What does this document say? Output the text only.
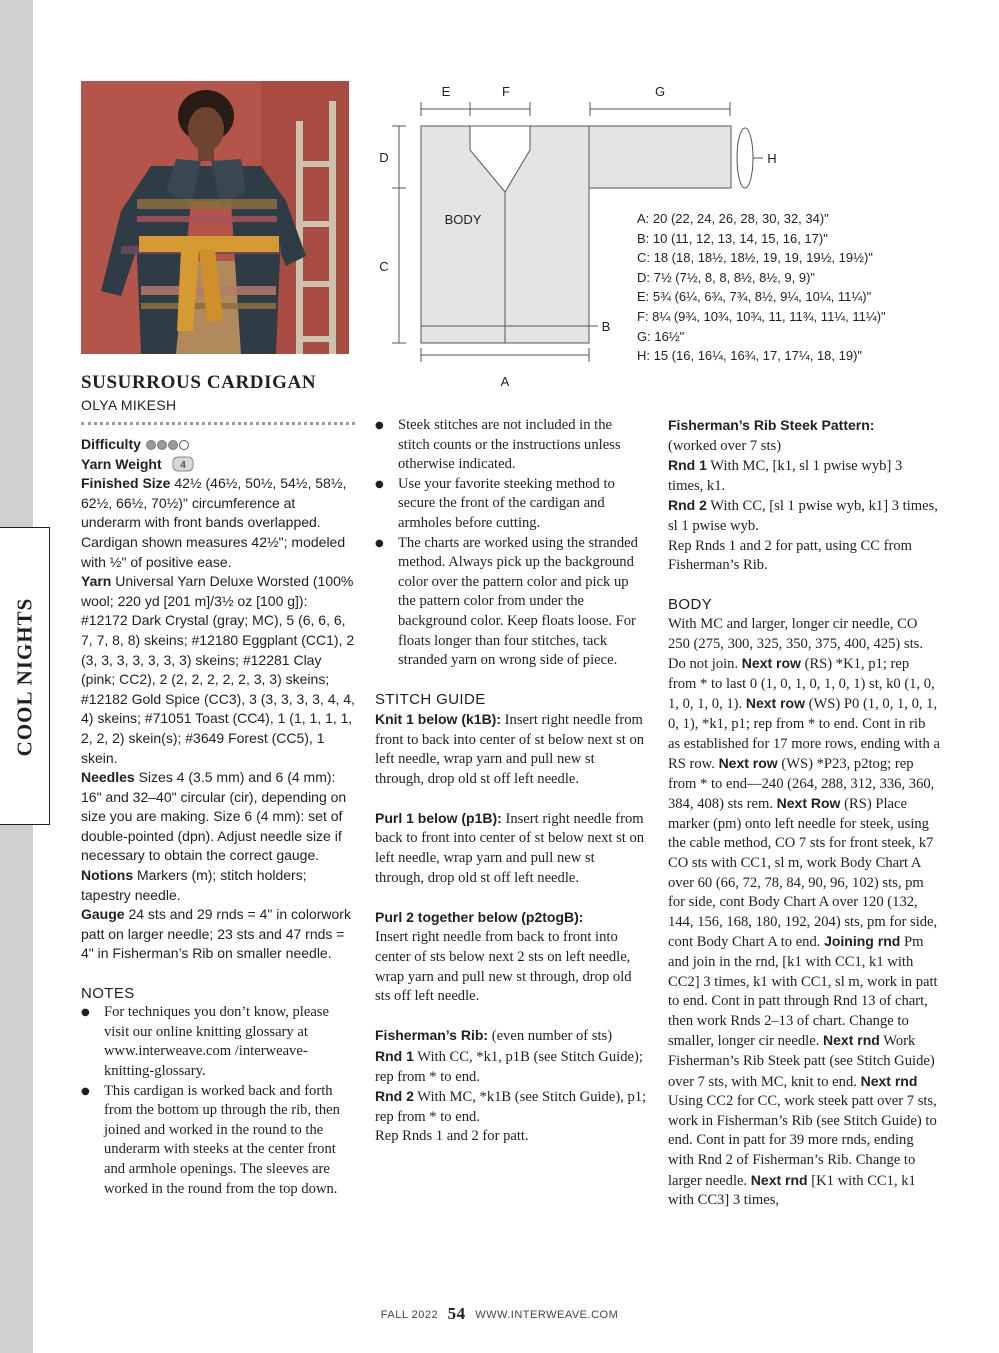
COOL NIGHTS
E	F	G
D
C
B
A
H
BODY	A: 20 (22, 24, 26, 28, 30, 32, 34)"
B: 10 (11, 12, 13, 14, 15, 16, 17)"
C: 18 (18, 18½, 18½, 19, 19, 19½, 19½)"
D: 7½ (7½, 8, 8, 8½, 8½, 9, 9)"
E: 5¾ (6¼, 6¾, 7¾, 8½, 9¼, 10¼, 11¼)"
F: 8¼ (9¾, 10¾, 10¾, 11, 11¾, 11¼, 11¼)"
G: 16½"
H: 15 (16, 16¼, 16¾, 17, 17¼, 18, 19)"
SUSURROUS CARDIGAN
OLYA MIKESH

Difficulty

Yarn Weight 4

Finished Size 42½ (46½, 50½, 54½, 58½, 62½, 66½, 70½)" circumference at underarm with front bands overlapped. Cardigan shown measures 42½"; modeled with ½" of positive ease.

Yarn Universal Yarn Deluxe Worsted (100% wool; 220 yd [201 m]/3½ oz [100 g]): #12172 Dark Crystal (gray; MC), 5 (6, 6, 6, 7, 7, 8, 8) skeins; #12180 Eggplant (CC1), 2 (3, 3, 3, 3, 3, 3, 3) skeins; #12281 Clay (pink; CC2), 2 (2, 2, 2, 2, 2, 3, 3) skeins; #12182 Gold Spice (CC3), 3 (3, 3, 3, 3, 4, 4, 4) skeins; #71051 Toast (CC4), 1 (1, 1, 1, 1, 2, 2, 2) skein(s); #3649 Forest (CC5), 1 skein.

Needles Sizes 4 (3.5 mm) and 6 (4 mm): 16" and 32–40" circular (cir), depending on size you are making. Size 6 (4 mm): set of double-pointed (dpn). Adjust needle size if necessary to obtain the correct gauge.

Notions Markers (m); stitch holders; tapestry needle.

Gauge 24 sts and 29 rnds = 4" in colorwork patt on larger needle; 23 sts and 47 rnds = 4" in Fisherman’s Rib on smaller needle.

NOTES
● For techniques you don’t know, please visit our online knitting glossary at www.interweave.com /interweave-knitting-glossary.
● This cardigan is worked back and forth from the bottom up through the rib, then joined and worked in the round to the underarm with steeks at the center front and armhole openings. The sleeves are worked in the round from the top down.
● Steek stitches are not included in the stitch counts or the instructions unless otherwise indicated.
● Use your favorite steeking method to secure the front of the cardigan and armholes before cutting.
● The charts are worked using the stranded method. Always pick up the background color over the pattern color and pick up the pattern color from under the background color. Keep floats loose. For floats longer than four stitches, tack stranded yarn on wrong side of piece.
STITCH GUIDE

Knit 1 below (k1B): Insert right needle from front to back into center of st below next st on left needle, wrap yarn and pull new st through, drop old st off left needle.

Purl 1 below (p1B): Insert right needle from back to front into center of st below next st on left needle, wrap yarn and pull new st through, drop old st off left needle.

Purl 2 together below (p2togB):

Insert right needle from back to front into center of sts below next 2 sts on left needle, wrap yarn and pull new st through, drop old sts off left needle.

Fisherman’s Rib: (even number of sts)

Rnd 1 With CC, *k1, p1B (see Stitch Guide); rep from * to end.

Rnd 2 With MC, *k1B (see Stitch Guide), p1; rep from * to end.

Rep Rnds 1 and 2 for patt.

Fisherman’s Rib Steek Pattern:

(worked over 7 sts)

Rnd 1 With MC, [k1, sl 1 pwise wyb] 3 times, k1.

Rnd 2 With CC, [sl 1 pwise wyb, k1] 3 times, sl 1 pwise wyb.

Rep Rnds 1 and 2 for patt, using CC from Fisherman’s Rib.

BODY

With MC and larger, longer cir needle, CO 250 (275, 300, 325, 350, 375, 400, 425) sts. Do not join. Next row (RS) *K1, p1; rep from * to last 0 (1, 0, 1, 0, 1, 0, 1) st, k0 (1, 0, 1, 0, 1, 0, 1). Next row (WS) P0 (1, 0, 1, 0, 1, 0, 1), *k1, p1; rep from * to end. Cont in rib as established for 17 more rows, ending with a RS row. Next row (WS) *P23, p2tog; rep from * to end—240 (264, 288, 312, 336, 360, 384, 408) sts rem. Next Row (RS) Place marker (pm) onto left needle for steek, using the cable method, CO 7 sts for front steek, k7 CO sts with CC1, sl m, work Body Chart A over 60 (66, 72, 78, 84, 90, 96, 102) sts, pm for side, cont Body Chart A over 120 (132, 144, 156, 168, 180, 192, 204) sts, pm for side, cont Body Chart A to end. Joining rnd Pm and join in the rnd, [k1 with CC1, k1 with CC2] 3 times, k1 with CC1, sl m, work in patt to end. Cont in patt through Rnd 13 of chart, then work Rnds 2–13 of chart. Change to smaller, longer cir needle. Next rnd Work Fisherman’s Rib Steek patt (see Stitch Guide) over 7 sts, with MC, knit to end. Next rnd Using CC2 for CC, work steek patt over 7 sts, work in Fisherman’s Rib (see Stitch Guide) to end. Cont in patt for 39 more rnds, ending with Rnd 2 of Fisherman’s Rib. Change to larger needle. Next rnd [K1 with CC1, k1 with CC3] 3 times,

FALL 2022 54 WWW.INTERWEAVE.COM
